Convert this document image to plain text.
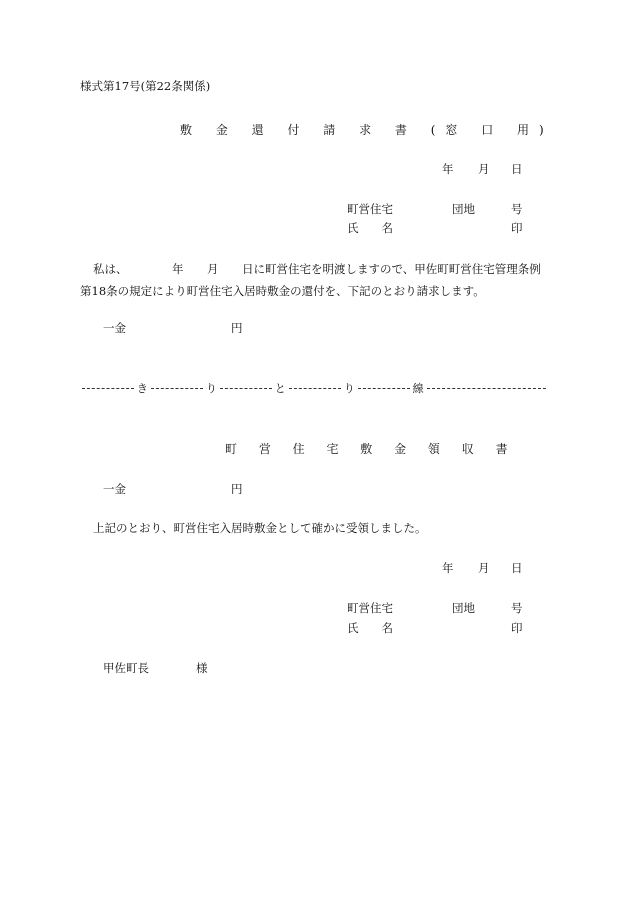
様式第17号(第22条関係)
敷 金 還 付 請 求 書 (窓 口 用)
年 月 日
町営住宅	団地	号
氏　　名	印
私は、	年 月 日に町営住宅を明渡しますので、甲佐町町営住宅管理条例
第18条の規定により町営住宅入居時敷金の還付を、下記のとおり請求します。
一金	円
き	り	と	り	線
町 営 住 宅 敷 金 領 収 書
一金	円
上記のとおり、町営住宅入居時敷金として確かに受領しました。
年 月 日
町営住宅	団地	号
氏　　名	印
甲佐町長	様
